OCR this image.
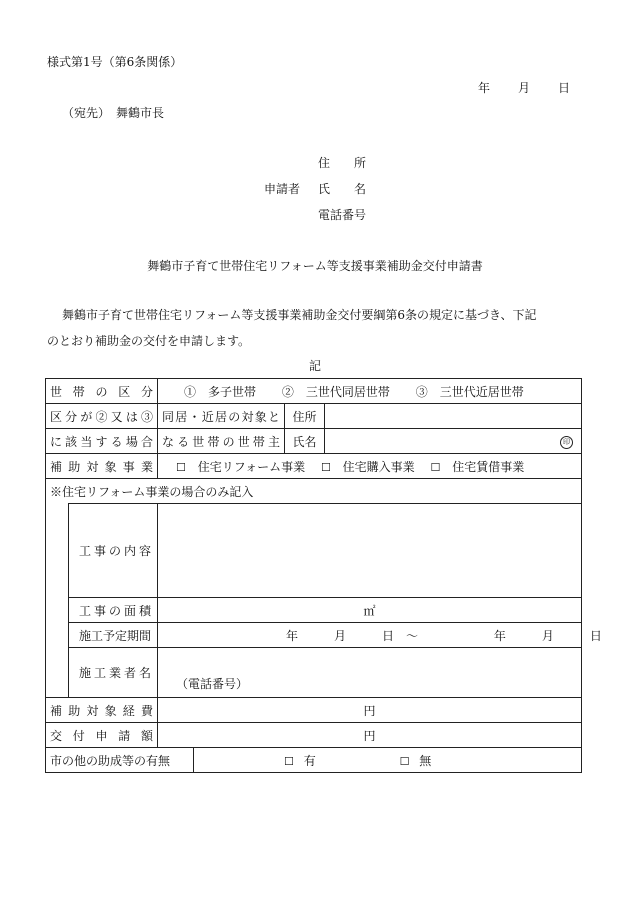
様式第1号（第6条関係）
年 月 日
（宛先）　舞鶴市長
住　　所
申請者 氏　　名
電話番号
舞鶴市子育て世帯住宅リフォーム等支援事業補助金交付申請書
舞鶴市子育て世帯住宅リフォーム等支援事業補助金交付要綱第6条の規定に基づき、下記
のとおり補助金の交付を申請します。
記
世帯の区分		①　多子世帯 ②　三世代同居世帯 ③　三世代近居世帯			
区分が②又は③		同居・近居の対象と		住所	
に該当する場合		なる世帯の世帯主		氏名	印
補助対象事業		☐ 住宅リフォーム事業 ☐ 住宅購入事業 ☐ 住宅賃借事業			
※住宅リフォーム事業の場合のみ記入					
	工事の内容				
	工事の面積	㎡			
	施工予定期間	年　　　月　　　日　〜 年　　　月　　　日			
	施工業者名	（電話番号）			
補助対象経費		円			
交付申請額		円			
市の他の助成等の有無			☐ 有 ☐ 無		
